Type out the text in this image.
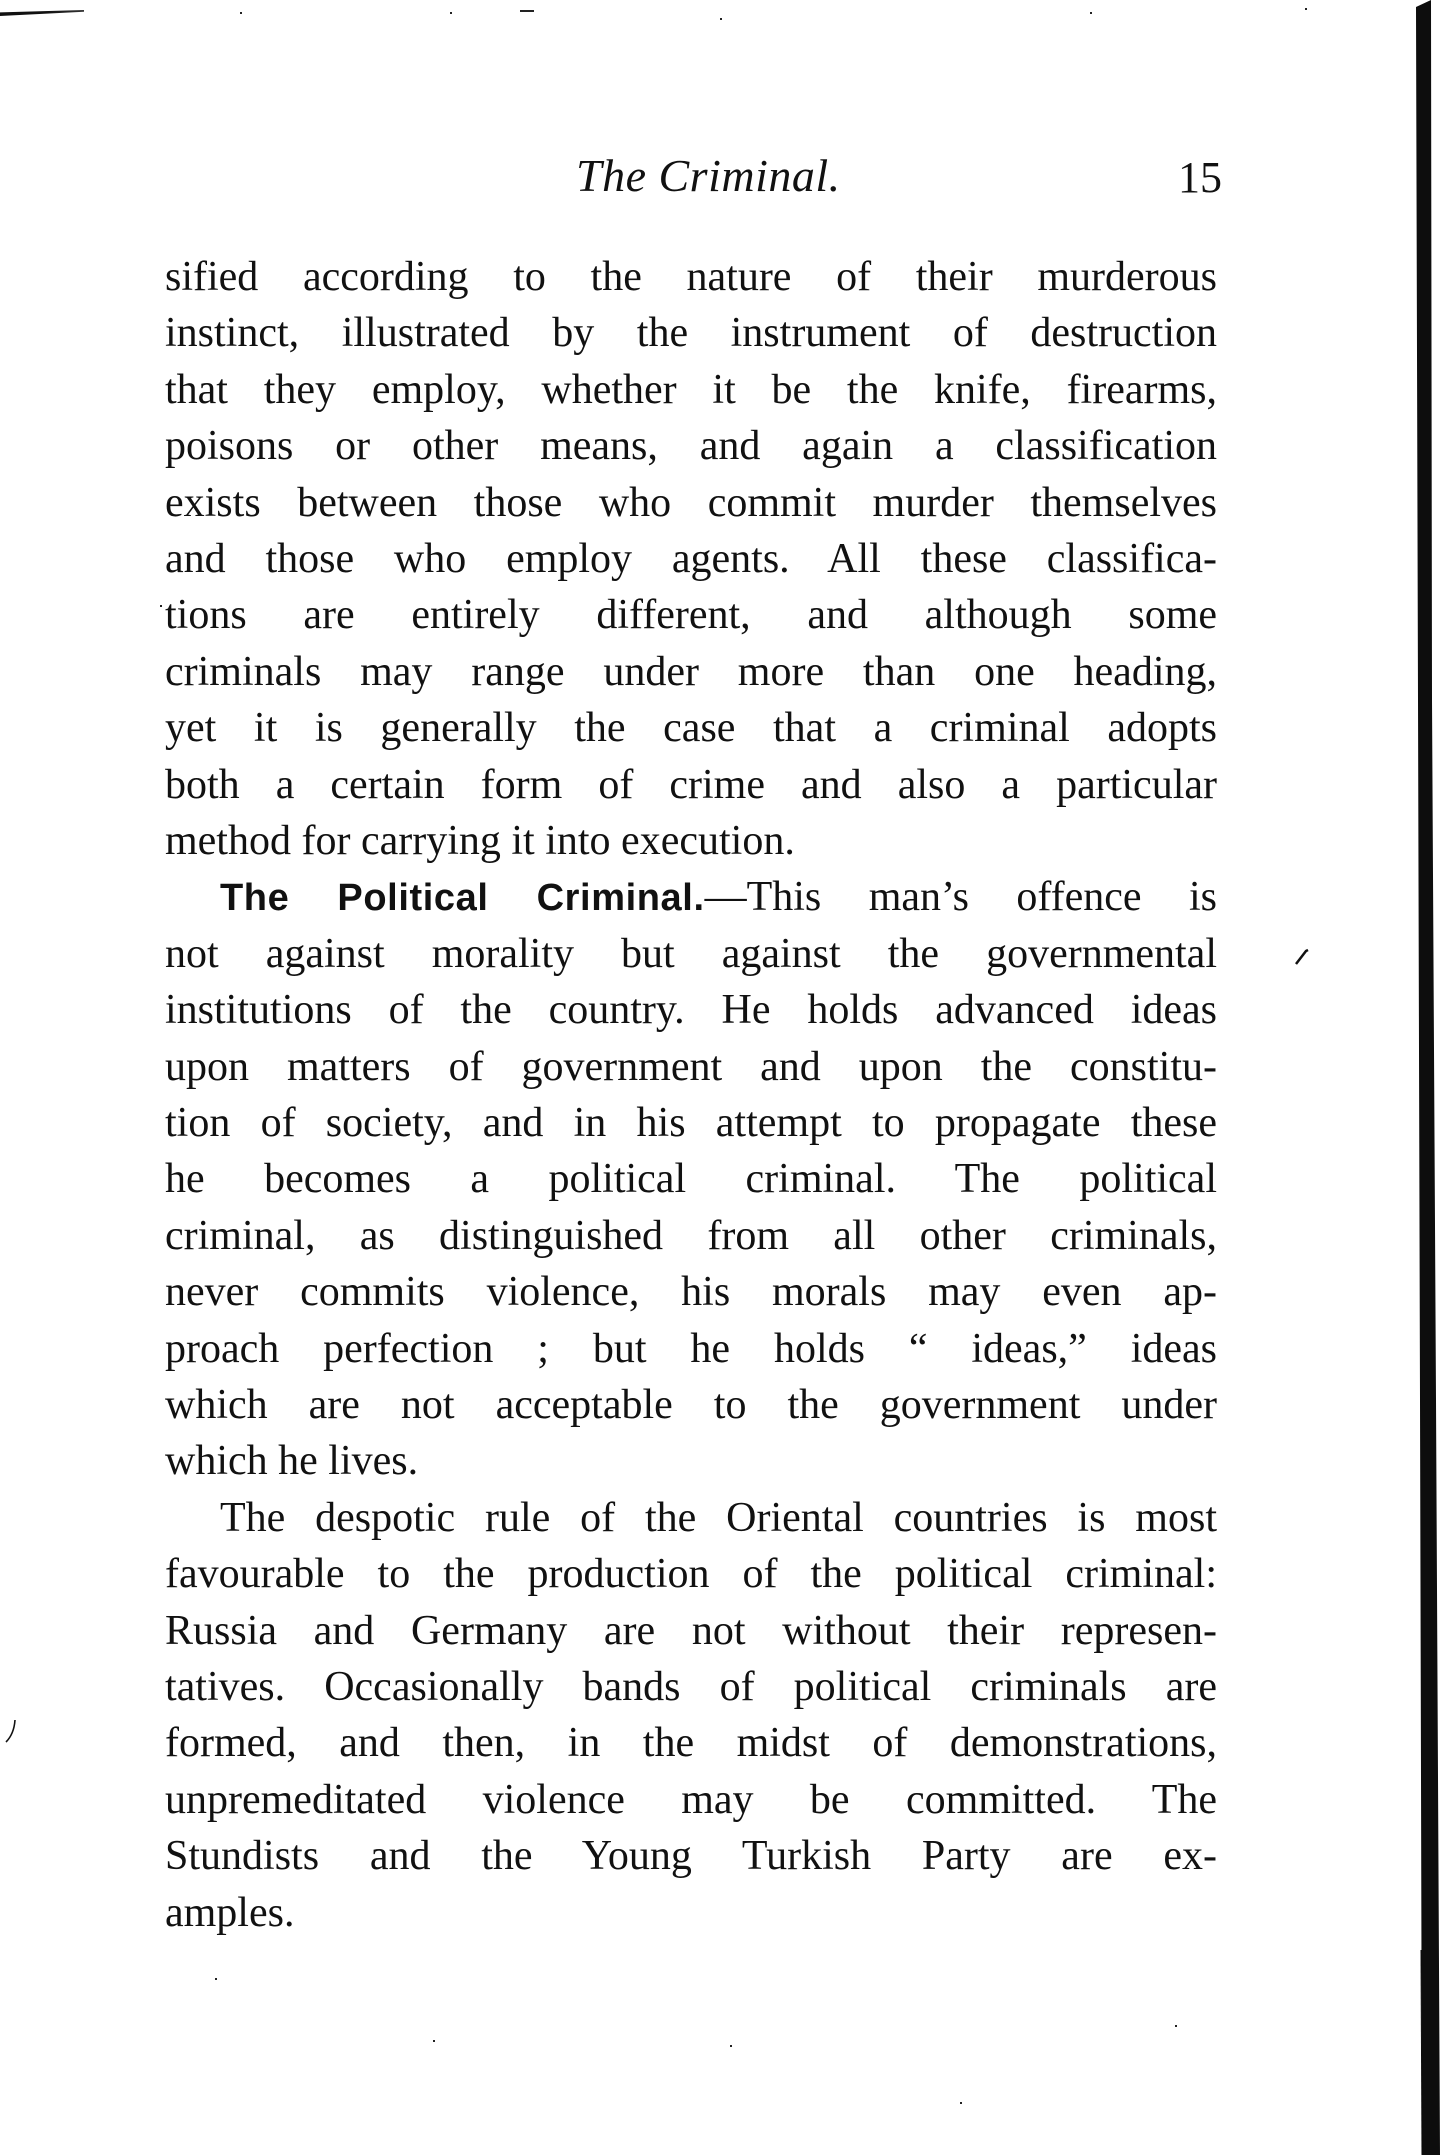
The Criminal.	15
sified according to the nature of their murderous
instinct, illustrated by the instrument of destruction
that they employ, whether it be the knife, firearms,
poisons or other means, and again a classification
exists between those who commit murder themselves
and those who employ agents. All these classifica-
tions are entirely different, and although some
criminals may range under more than one heading,
yet it is generally the case that a criminal adopts
both a certain form of crime and also a particular
method for carrying it into execution.
The Political Criminal.—This man’s offence is
not against morality but against the governmental
institutions of the country. He holds advanced ideas
upon matters of government and upon the constitu-
tion of society, and in his attempt to propagate these
he becomes a political criminal. The political
criminal, as distinguished from all other criminals,
never commits violence, his morals may even ap-
proach perfection ; but he holds “ ideas,” ideas
which are not acceptable to the government under
which he lives.
The despotic rule of the Oriental countries is most
favourable to the production of the political criminal:
Russia and Germany are not without their represen-
tatives. Occasionally bands of political criminals are
formed, and then, in the midst of demonstrations,
unpremeditated violence may be committed. The
Stundists and the Young Turkish Party are ex-
amples.
